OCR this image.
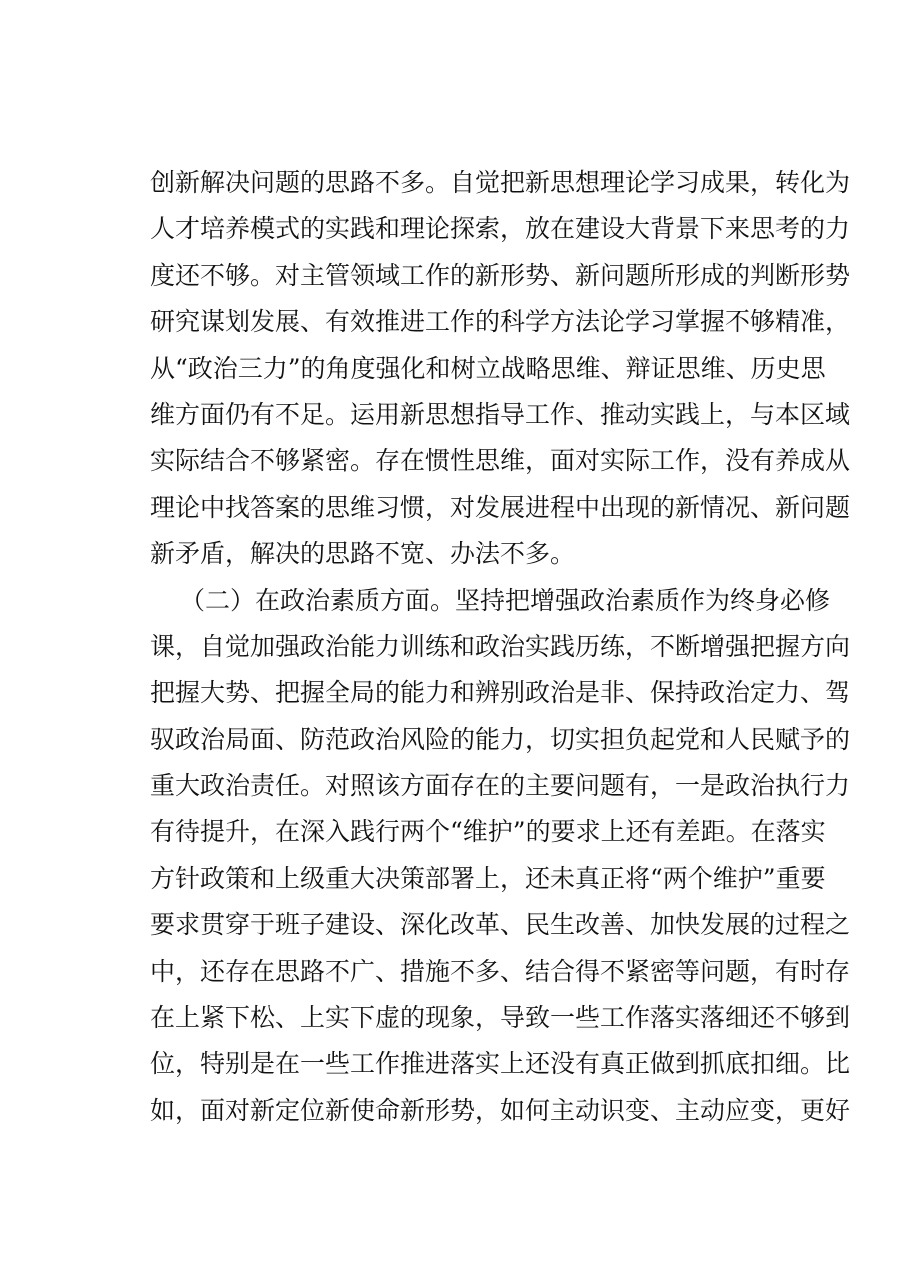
创新解决问题的思路不多。自觉把新思想理论学习成果，转化为
人才培养模式的实践和理论探索，放在建设大背景下来思考的力
度还不够。对主管领域工作的新形势、新问题所形成的判断形势
研究谋划发展、有效推进工作的科学方法论学习掌握不够精准，
从“政治三力”的角度强化和树立战略思维、辩证思维、历史思
维方面仍有不足。运用新思想指导工作、推动实践上，与本区域
实际结合不够紧密。存在惯性思维，面对实际工作，没有养成从
理论中找答案的思维习惯，对发展进程中出现的新情况、新问题
新矛盾，解决的思路不宽、办法不多。
（二）在政治素质方面。坚持把增强政治素质作为终身必修
课，自觉加强政治能力训练和政治实践历练，不断增强把握方向
把握大势、把握全局的能力和辨别政治是非、保持政治定力、驾
驭政治局面、防范政治风险的能力，切实担负起党和人民赋予的
重大政治责任。对照该方面存在的主要问题有，一是政治执行力
有待提升，在深入践行两个“维护”的要求上还有差距。在落实
方针政策和上级重大决策部署上，还未真正将“两个维护”重要
要求贯穿于班子建设、深化改革、民生改善、加快发展的过程之
中，还存在思路不广、措施不多、结合得不紧密等问题，有时存
在上紧下松、上实下虚的现象，导致一些工作落实落细还不够到
位，特别是在一些工作推进落实上还没有真正做到抓底扣细。比
如，面对新定位新使命新形势，如何主动识变、主动应变，更好
